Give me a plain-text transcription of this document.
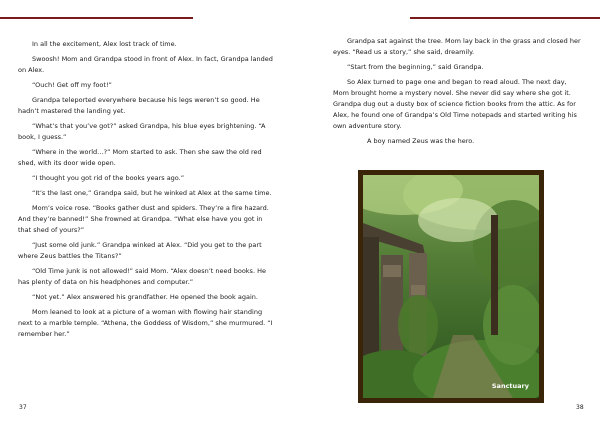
In all the excitement, Alex lost track of time.

Swoosh! Mom and Grandpa stood in front of Alex. In fact, Grandpa landed on Alex.

“Ouch! Get off my foot!”

Grandpa teleported everywhere because his legs weren’t so good. He hadn’t mastered the landing yet.

“What’s that you’ve got?” asked Grandpa, his blue eyes brightening. “A book, I guess.”

“Where in the world…?” Mom started to ask. Then she saw the old red shed, with its door wide open.

“I thought you got rid of the books years ago.”

“It’s the last one,” Grandpa said, but he winked at Alex at the same time.

Mom’s voice rose. “Books gather dust and spiders. They’re a fire hazard. And they’re banned!” She frowned at Grandpa. “What else have you got in that shed of yours?”

“Just some old junk.” Grandpa winked at Alex. “Did you get to the part where Zeus battles the Titans?”

“Old Time junk is not allowed!” said Mom. “Alex doesn’t need books. He has plenty of data on his headphones and computer.”

“Not yet.” Alex answered his grandfather. He opened the book again.

Mom leaned to look at a picture of a woman with flowing hair standing next to a marble temple. “Athena, the Goddess of Wisdom,” she murmured. “I remember her.”

37

Grandpa sat against the tree. Mom lay back in the grass and closed her eyes. “Read us a story,” she said, dreamily.

“Start from the beginning,” said Grandpa.

So Alex turned to page one and began to read aloud. The next day, Mom brought home a mystery novel. She never did say where she got it. Grandpa dug out a dusty box of science fiction books from the attic. As for Alex, he found one of Grandpa’s Old Time notepads and started writing his own adventure story.

A boy named Zeus was the hero.

Sanctuary
38
